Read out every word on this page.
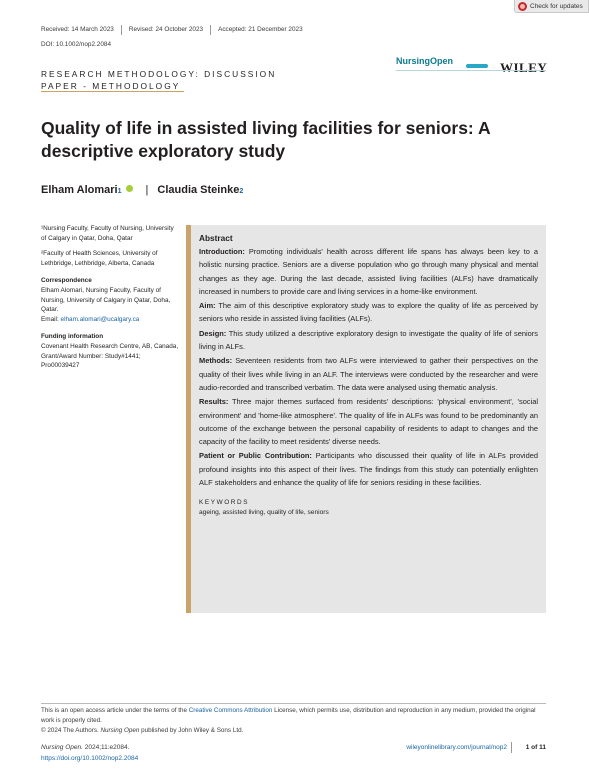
Check for updates
Received: 14 March 2023	Revised: 24 October 2023	Accepted: 21 December 2023
DOI: 10.1002/nop2.2084
RESEARCH METHODOLOGY: DISCUSSION
PAPER - METHODOLOGY
NursingOpen	WILEY
Quality of life in assisted living facilities for seniors: A descriptive exploratory study
Elham Alomari 1 | Claudia Steinke 2

¹Nursing Faculty, Faculty of Nursing, University of Calgary in Qatar, Doha, Qatar

²Faculty of Health Sciences, University of Lethbridge, Lethbridge, Alberta, Canada

Correspondence

Elham Alomari, Nursing Faculty, Faculty of Nursing, University of Calgary in Qatar, Doha, Qatar.

Email: elham.alomari@ucalgary.ca

Funding information

Covenant Health Research Centre, AB, Canada, Grant/Award Number: Study#1441; Pro00039427

Abstract

Introduction: Promoting individuals' health across different life spans has always been key to a holistic nursing practice. Seniors are a diverse population who go through many physical and mental changes as they age. During the last decade, assisted living facilities (ALFs) have dramatically increased in numbers to provide care and living services in a home-like environment.

Aim: The aim of this descriptive exploratory study was to explore the quality of life as perceived by seniors who reside in assisted living facilities (ALFs).

Design: This study utilized a descriptive exploratory design to investigate the quality of life of seniors living in ALFs.

Methods: Seventeen residents from two ALFs were interviewed to gather their perspectives on the quality of their lives while living in an ALF. The interviews were conducted by the researcher and were audio-recorded and transcribed verbatim. The data were analysed using thematic analysis.

Results: Three major themes surfaced from residents' descriptions: 'physical environment', 'social environment' and 'home-like atmosphere'. The quality of life in ALFs was found to be predominantly an outcome of the exchange between the personal capability of residents to adapt to changes and the capacity of the facility to meet residents' diverse needs.

Patient or Public Contribution: Participants who discussed their quality of life in ALFs provided profound insights into this aspect of their lives. The findings from this study can potentially enlighten ALF stakeholders and enhance the quality of life for seniors residing in these facilities.

KEYWORDS
ageing, assisted living, quality of life, seniors
This is an open access article under the terms of the Creative Commons Attribution License, which permits use, distribution and reproduction in any medium, provided the original work is properly cited.
© 2024 The Authors. Nursing Open published by John Wiley & Sons Ltd.
Nursing Open. 2024;11:e2084.
https://doi.org/10.1002/nop2.2084
wileyonlinelibrary.com/journal/nop2	1 of 11
